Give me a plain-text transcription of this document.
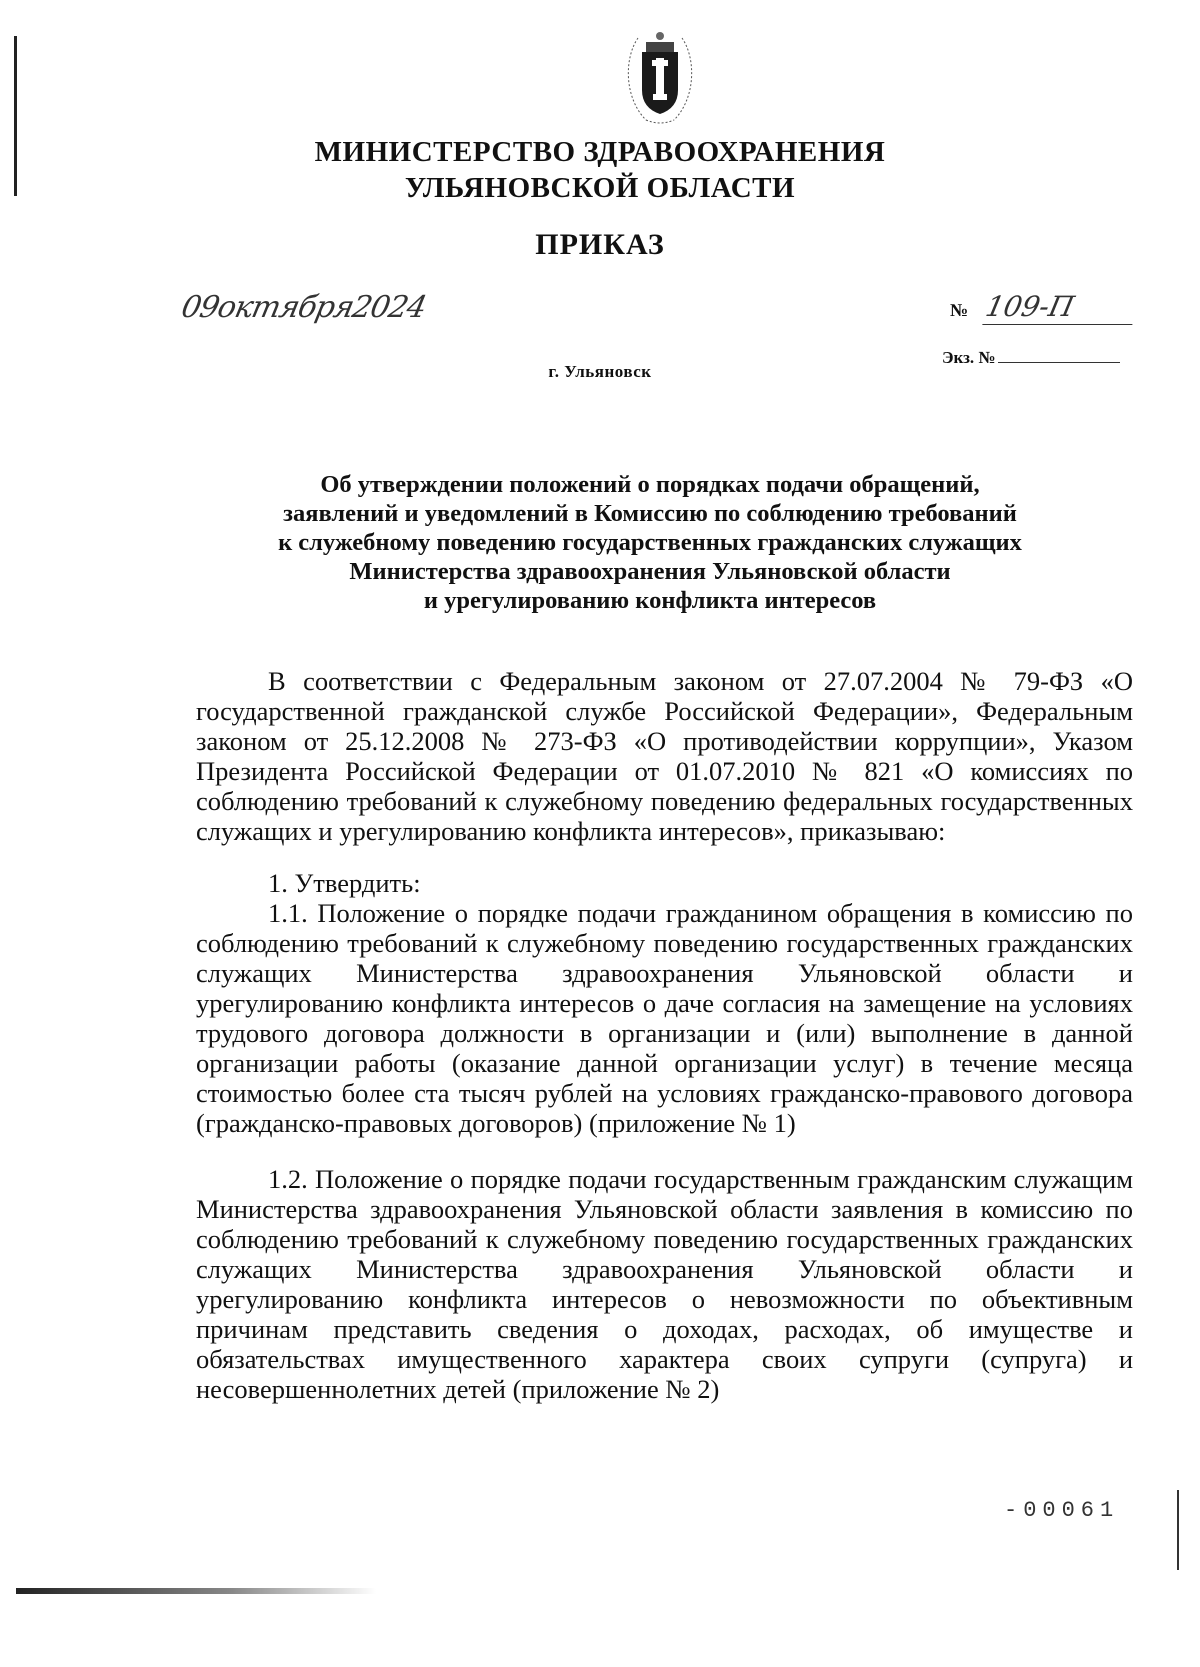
МИНИСТЕРСТВО ЗДРАВООХРАНЕНИЯ
УЛЬЯНОВСКОЙ ОБЛАСТИ
ПРИКАЗ
09октября2024	№ 109-П
Экз. №
г. Ульяновск
Об утверждении положений о порядках подачи обращений,
заявлений и уведомлений в Комиссию по соблюдению требований
к служебному поведению государственных гражданских служащих
Министерства здравоохранения Ульяновской области
и урегулированию конфликта интересов

В соответствии с Федеральным законом от 27.07.2004 № 79-ФЗ «О государственной гражданской службе Российской Федерации», Федеральным законом от 25.12.2008 № 273-ФЗ «О противодействии коррупции», Указом Президента Российской Федерации от 01.07.2010 № 821 «О комиссиях по соблюдению требований к служебному поведению федеральных государственных служащих и урегулированию конфликта интересов», приказываю:

1. Утвердить:

1.1. Положение о порядке подачи гражданином обращения в комиссию по соблюдению требований к служебному поведению государственных гражданских служащих Министерства здравоохранения Ульяновской области и урегулированию конфликта интересов о даче согласия на замещение на условиях трудового договора должности в организации и (или) выполнение в данной организации работы (оказание данной организации услуг) в течение месяца стоимостью более ста тысяч рублей на условиях гражданско-правового договора (гражданско-правовых договоров) (приложение № 1)

1.2. Положение о порядке подачи государственным гражданским служащим Министерства здравоохранения Ульяновской области заявления в комиссию по соблюдению требований к служебному поведению государственных гражданских служащих Министерства здравоохранения Ульяновской области и урегулированию конфликта интересов о невозможности по объективным причинам представить сведения о доходах, расходах, об имуществе и обязательствах имущественного характера своих супруги (супруга) и несовершеннолетних детей (приложение № 2)

-00061
